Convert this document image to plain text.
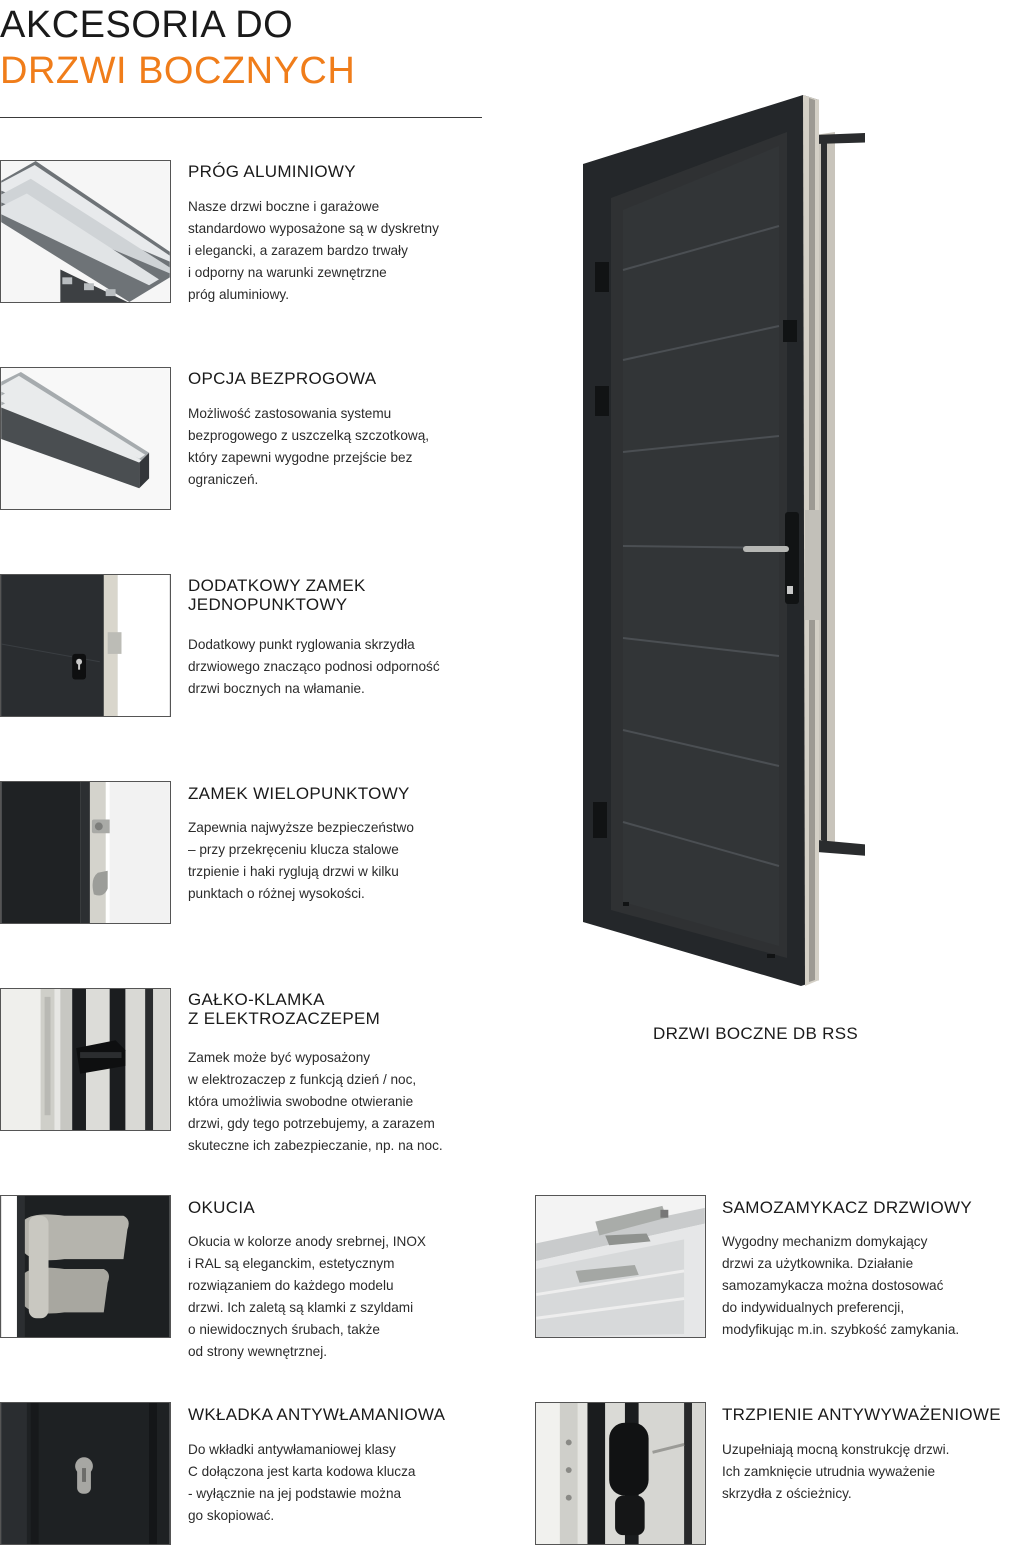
AKCESORIA DO
DRZWI BOCZNYCH
PRÓG ALUMINIOWY

Nasze drzwi boczne i garażowe
standardowo wyposażone są w dyskretny
i elegancki, a zarazem bardzo trwały
i odporny na warunki zewnętrzne
próg aluminiowy.

OPCJA BEZPROGOWA

Możliwość zastosowania systemu
bezprogowego z uszczelką szczotkową,
który zapewni wygodne przejście bez
ograniczeń.

DODATKOWY ZAMEK
JEDNOPUNKTOWY

Dodatkowy punkt ryglowania skrzydła
drzwiowego znacząco podnosi odporność
drzwi bocznych na włamanie.

ZAMEK WIELOPUNKTOWY

Zapewnia najwyższe bezpieczeństwo
– przy przekręceniu klucza stalowe
trzpienie i haki ryglują drzwi w kilku
punktach o różnej wysokości.

GAŁKO-KLAMKA
Z ELEKTROZACZEPEM

Zamek może być wyposażony
w elektrozaczep z funkcją dzień / noc,
która umożliwia swobodne otwieranie
drzwi, gdy tego potrzebujemy, a zarazem
skuteczne ich zabezpieczanie, np. na noc.

OKUCIA

Okucia w kolorze anody srebrnej, INOX
i RAL są eleganckim, estetycznym
rozwiązaniem do każdego modelu
drzwi. Ich zaletą są klamki z szyldami
o niewidocznych śrubach, także
od strony wewnętrznej.

WKŁADKA ANTYWŁAMANIOWA

Do wkładki antywłamaniowej klasy
C dołączona jest karta kodowa klucza
- wyłącznie na jej podstawie można
go skopiować.

SAMOZAMYKACZ DRZWIOWY

Wygodny mechanizm domykający
drzwi za użytkownika. Działanie
samozamykacza można dostosować
do indywidualnych preferencji,
modyfikując m.in. szybkość zamykania.

TRZPIENIE ANTYWYWAŻENIOWE

Uzupełniają mocną konstrukcję drzwi.
Ich zamknięcie utrudnia wyważenie
skrzydła z ościeżnicy.

DRZWI BOCZNE DB RSS
